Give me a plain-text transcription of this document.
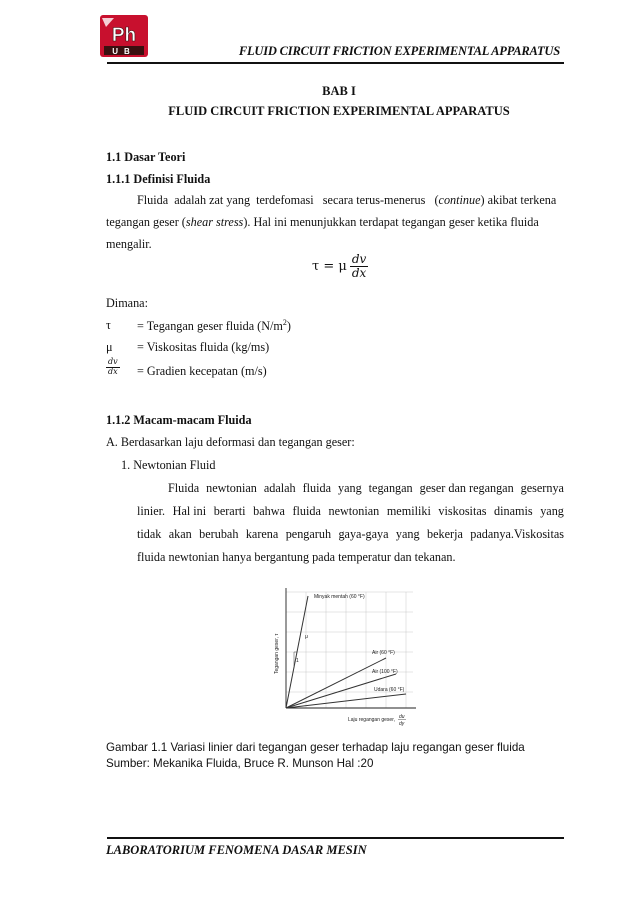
Ph
UB	FLUID CIRCUIT FRICTION EXPERIMENTAL APPARATUS
BAB I
FLUID CIRCUIT FRICTION EXPERIMENTAL APPARATUS
1.1 Dasar Teori
1.1.1 Definisi Fluida
Fluida  adalah zat yang  terdefomasi   secara terus-menerus   (continue) akibat terkena
tegangan geser (shear stress). Hal ini menunjukkan terdapat tegangan geser ketika fluida
mengalir.
τ = μ $\frac{dv}{dx}$
Dimana:
τ = Tegangan geser fluida $(N/m^2)$
μ = Viskositas fluida (kg/ms)
$\frac{dv}{dx}$ = Gradien kecepatan (m/s)
1.1.2 Macam-macam Fluida
A. Berdasarkan laju deformasi dan tegangan geser:
1. Newtonian Fluid
Fluida newtonian adalah fluida yang tegangan geser dan regangan gesernya
linier. Hal ini berarti bahwa fluida newtonian memiliki viskositas dinamis yang
tidak akan berubah karena pengaruh gaya-gaya yang bekerja padanya.Viskositas
fluida newtonian hanya bergantung pada temperatur dan tekanan.
μ
1
Minyak mentah (60 °F)
Air (60 °F)
Air (100 °F)
Udara (60 °F)
Tegangan geser, τ
Laju regangan geser, du
dy
Gambar 1.1 Variasi linier dari tegangan geser terhadap laju regangan geser fluida
Sumber: Mekanika Fluida, Bruce R. Munson Hal :20
LABORATORIUM FENOMENA DASAR MESIN
